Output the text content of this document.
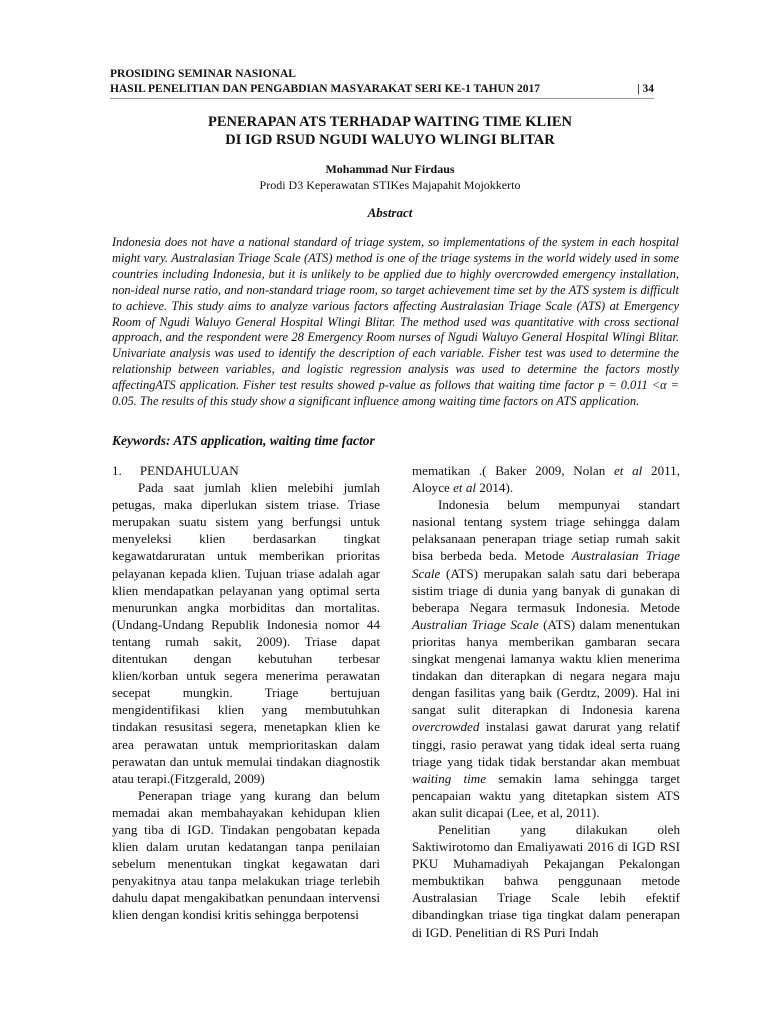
PROSIDING SEMINAR NASIONAL
HASIL PENELITIAN DAN PENGABDIAN MASYARAKAT SERI KE-1 TAHUN 2017	| 34
PENERAPAN ATS TERHADAP WAITING TIME KLIEN
DI IGD RSUD NGUDI WALUYO WLINGI BLITAR
Mohammad Nur Firdaus
Prodi D3 Keperawatan STIKes Majapahit Mojokkerto
Abstract

Indonesia does not have a national standard of triage system, so implementations of the system in each hospital might vary. Australasian Triage Scale (ATS) method is one of the triage systems in the world widely used in some countries including Indonesia, but it is unlikely to be applied due to highly overcrowded emergency installation, non-ideal nurse ratio, and non-standard triage room, so target achievement time set by the ATS system is difficult to achieve. This study aims to analyze various factors affecting Australasian Triage Scale (ATS) at Emergency Room of Ngudi Waluyo General Hospital Wlingi Blitar. The method used was quantitative with cross sectional approach, and the respondent were 28 Emergency Room nurses of Ngudi Waluyo General Hospital Wlingi Blitar. Univariate analysis was used to identify the description of each variable. Fisher test was used to determine the relationship between variables, and logistic regression analysis was used to determine the factors mostly affectingATS application. Fisher test results showed p-value as follows that waiting time factor p = 0.011 <α = 0.05. The results of this study show a significant influence among waiting time factors on ATS application.

Keywords: ATS application, waiting time factor
1. PENDAHULUAN

Pada saat jumlah klien melebihi jumlah petugas, maka diperlukan sistem triase. Triase merupakan suatu sistem yang berfungsi untuk menyeleksi klien berdasarkan tingkat kegawatdaruratan untuk memberikan prioritas pelayanan kepada klien. Tujuan triase adalah agar klien mendapatkan pelayanan yang optimal serta menurunkan angka morbiditas dan mortalitas. (Undang-Undang Republik Indonesia nomor 44 tentang rumah sakit, 2009). Triase dapat ditentukan dengan kebutuhan terbesar klien/korban untuk segera menerima perawatan secepat mungkin. Triage bertujuan mengidentifikasi klien yang membutuhkan tindakan resusitasi segera, menetapkan klien ke area perawatan untuk memprioritaskan dalam perawatan dan untuk memulai tindakan diagnostik atau terapi.(Fitzgerald, 2009)

Penerapan triage yang kurang dan belum memadai akan membahayakan kehidupan klien yang tiba di IGD. Tindakan pengobatan kepada klien dalam urutan kedatangan tanpa penilaian sebelum menentukan tingkat kegawatan dari penyakitnya atau tanpa melakukan triage terlebih dahulu dapat mengakibatkan penundaan intervensi klien dengan kondisi kritis sehingga berpotensi

mematikan .( Baker 2009, Nolan et al 2011, Aloyce et al 2014).

Indonesia belum mempunyai standart nasional tentang system triage sehingga dalam pelaksanaan penerapan triage setiap rumah sakit bisa berbeda beda. Metode Australasian Triage Scale (ATS) merupakan salah satu dari beberapa sistim triage di dunia yang banyak di gunakan di beberapa Negara termasuk Indonesia. Metode Australian Triage Scale (ATS) dalam menentukan prioritas hanya memberikan gambaran secara singkat mengenai lamanya waktu klien menerima tindakan dan diterapkan di negara negara maju dengan fasilitas yang baik (Gerdtz, 2009). Hal ini sangat sulit diterapkan di Indonesia karena overcrowded instalasi gawat darurat yang relatif tinggi, rasio perawat yang tidak ideal serta ruang triage yang tidak tidak berstandar akan membuat waiting time semakin lama sehingga target pencapaian waktu yang ditetapkan sistem ATS akan sulit dicapai (Lee, et al, 2011).

Penelitian yang dilakukan oleh Saktiwirotomo dan Emaliyawati 2016 di IGD RSI PKU Muhamadiyah Pekajangan Pekalongan membuktikan bahwa penggunaan metode Australasian Triage Scale lebih efektif dibandingkan triase tiga tingkat dalam penerapan di IGD. Penelitian di RS Puri Indah
